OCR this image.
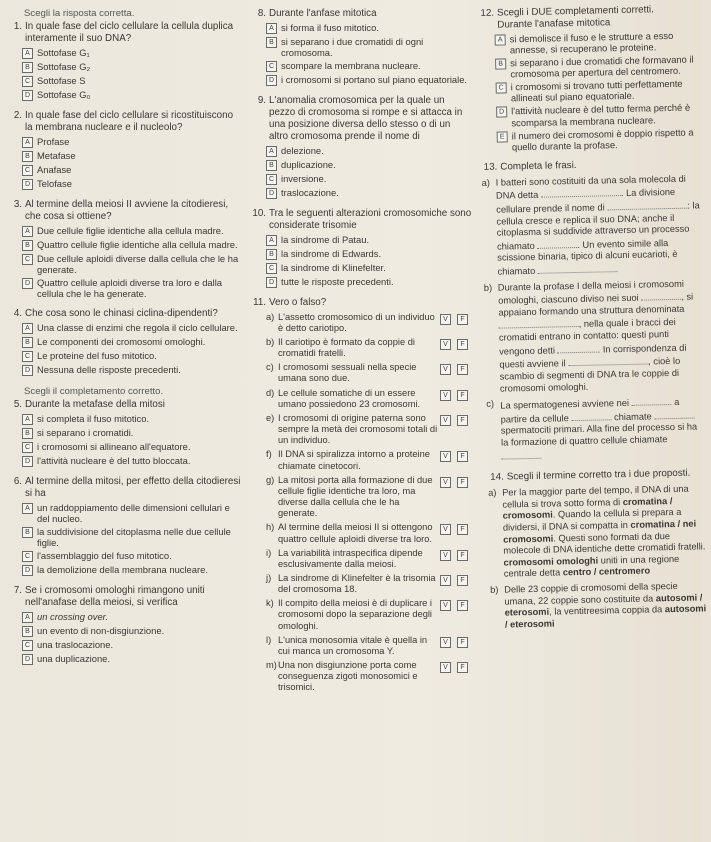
Scegli la risposta corretta.
1. In quale fase del ciclo cellulare la cellula duplica interamente il suo DNA?
A Sottofase G₁
B Sottofase G₂
C Sottofase S
D Sottofase G₀
2. In quale fase del ciclo cellulare si ricostituiscono la membrana nucleare e il nucleolo?
A Profase
B Metafase
C Anafase
D Telofase
3. Al termine della meiosi II avviene la citodieresi, che cosa si ottiene?
A Due cellule figlie identiche alla cellula madre.
B Quattro cellule figlie identiche alla cellula madre.
C Due cellule aploidi diverse dalla cellula che le ha generate.
D Quattro cellule aploidi diverse tra loro e dalla cellula che le ha generate.
4. Che cosa sono le chinasi ciclina-dipendenti?
A Una classe di enzimi che regola il ciclo cellulare.
B Le componenti dei cromosomi omologhi.
C Le proteine del fuso mitotico.
D Nessuna delle risposte precedenti.
Scegli il completamento corretto.
5. Durante la metafase della mitosi
A si completa il fuso mitotico.
B si separano i cromatidi.
C i cromosomi si allineano all'equatore.
D l'attività nucleare è del tutto bloccata.
6. Al termine della mitosi, per effetto della citodieresi si ha
A un raddoppiamento delle dimensioni cellulari e del nucleo.
B la suddivisione del citoplasma nelle due cellule figlie.
C l'assemblaggio del fuso mitotico.
D la demolizione della membrana nucleare.
7. Se i cromosomi omologhi rimangono uniti nell'anafase della meiosi, si verifica
A un crossing over.
B un evento di non-disgiunzione.
C una traslocazione.
D una duplicazione.
8. Durante l'anfase mitotica
A si forma il fuso mitotico.
B si separano i due cromatidi di ogni cromosoma.
C scompare la membrana nucleare.
D i cromosomi si portano sul piano equatoriale.
9. L'anomalia cromosomica per la quale un pezzo di cromosoma si rompe e si attacca in una posizione diversa dello stesso o di un altro cromosoma prende il nome di
A delezione.
B duplicazione.
C inversione.
D traslocazione.
10. Tra le seguenti alterazioni cromosomiche sono considerate trisomie
A la sindrome di Patau.
B la sindrome di Edwards.
C la sindrome di Klinefelter.
D tutte le risposte precedenti.
11. Vero o falso?
a) L'assetto cromosomico di un individuo è detto cariotipo.
V	F
b) Il cariotipo è formato da coppie di cromatidi fratelli.
V	F
c) I cromosomi sessuali nella specie umana sono due.
V	F
d) Le cellule somatiche di un essere umano possiedono 23 cromosomi.
V	F
e) I cromosomi di origine paterna sono sempre la metà dei cromosomi totali di un individuo.
V	F
f) Il DNA si spiralizza intorno a proteine chiamate cinetocori.
V	F
g) La mitosi porta alla formazione di due cellule figlie identiche tra loro, ma diverse dalla cellula che le ha generate.
V	F
h) Al termine della meiosi II si ottengono quattro cellule aploidi diverse tra loro.
V	F
i) La variabilità intraspecifica dipende esclusivamente dalla meiosi.
V	F
j) La sindrome di Klinefelter è la trisomia del cromosoma 18.
V	F
k) Il compito della meiosi è di duplicare i cromosomi dopo la separazione degli omologhi.
V	F
l) L'unica monosomia vitale è quella in cui manca un cromosoma Y.
V	F
m) Una non disgiunzione porta come conseguenza zigoti monosomici e trisomici.
V	F
12. Scegli i DUE completamenti corretti.
Durante l'anafase mitotica
A si demolisce il fuso e le strutture a esso annesse, si recuperano le proteine.
B si separano i due cromatidi che formavano il cromosoma per apertura del centromero.
C i cromosomi si trovano tutti perfettamente allineati sul piano equatoriale.
D l'attività nucleare è del tutto ferma perché è scomparsa la membrana nucleare.
E il numero dei cromosomi è doppio rispetto a quello durante la profase.
13. Completa le frasi.
a) I batteri sono costituiti da una sola molecola di DNA detta	. La divisione cellulare prende il nome di	: la cellula cresce e replica il suo DNA; anche il citoplasma si suddivide attraverso un processo chiamato	. Un evento simile alla scissione binaria, tipico di alcuni eucarioti, è chiamato
b) Durante la profase I della meiosi i cromosomi omologhi, ciascuno diviso nei suoi	, si appaiano formando una struttura denominata , nella quale i bracci dei cromatidi entrano in contatto: questi punti vengono detti	. In corrispondenza di questi avviene il	, cioè lo scambio di segmenti di DNA tra le coppie di cromosomi omologhi.
c) La spermatogenesi avviene nei	a partire da cellule	chiamate  spermatociti primari. Alla fine del processo si ha la formazione di quattro cellule chiamate
14. Scegli il termine corretto tra i due proposti.
a) Per la maggior parte del tempo, il DNA di una cellula si trova sotto forma di cromatina / cromosomi. Quando la cellula si prepara a dividersi, il DNA si compatta in cromatina / nei cromosomi. Questi sono formati da due molecole di DNA identiche dette cromatidi fratelli. cromosomi omologhi uniti in una regione centrale detta centro / centromero
b) Delle 23 coppie di cromosomi della specie umana, 22 coppie sono costituite da autosomi / eterosomi, la ventitreesima coppia da autosomi / eterosomi
